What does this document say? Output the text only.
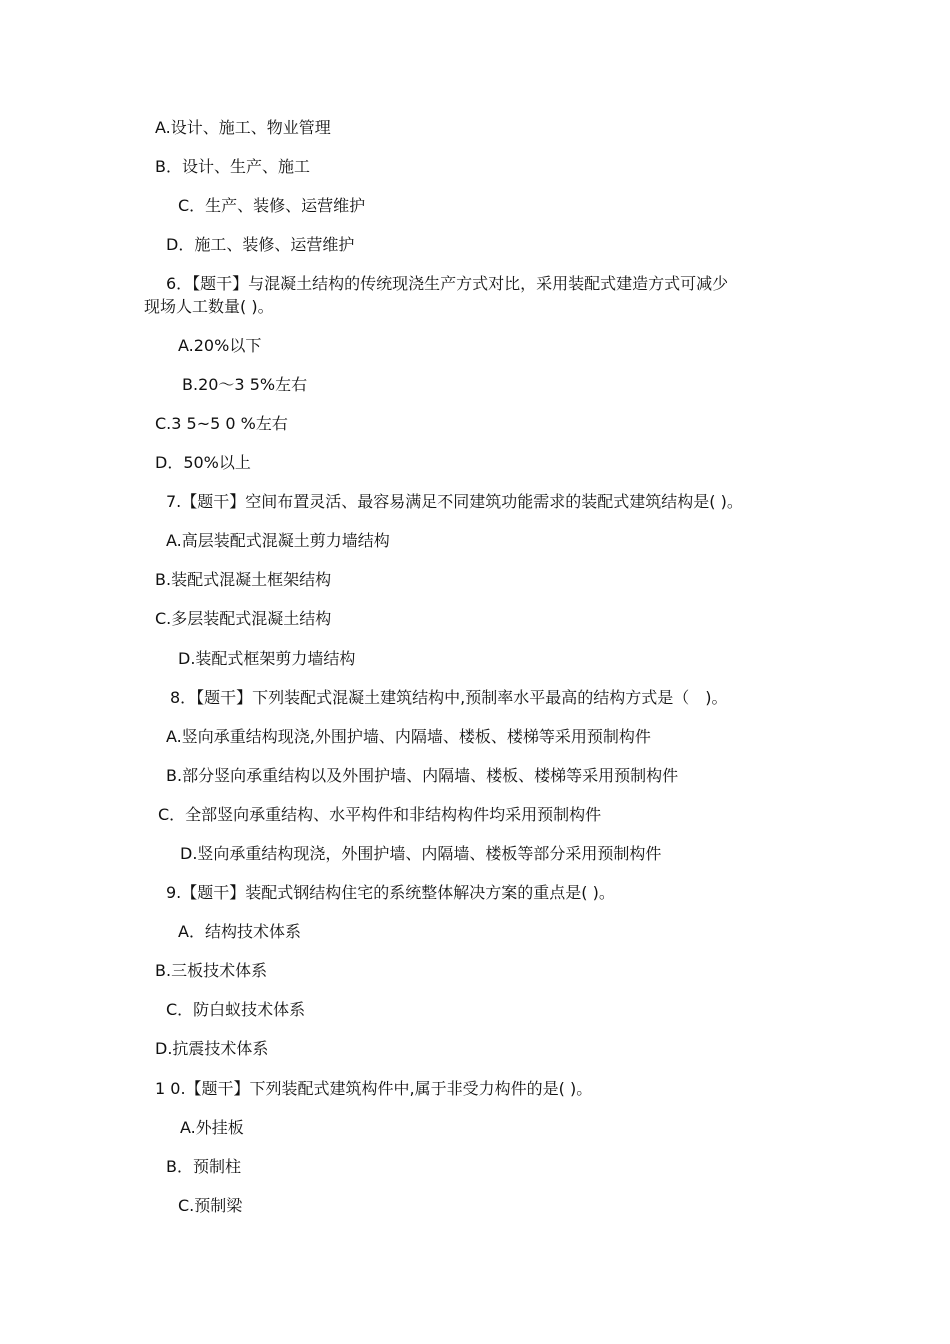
A.设计、施工、物业管理
B．设计、生产、施工
C．生产、装修、运营维护
D．施工、装修、运营维护
6．【题干】与混凝土结构的传统现浇生产方式对比，采用装配式建造方式可减少
现场人工数量( )。
A.20%以下
B.20～3 5%左右
C.3 5~5 0 %左右
D．50%以上
7.【题干】空间布置灵活、最容易满足不同建筑功能需求的装配式建筑结构是( )。
A.高层装配式混凝土剪力墙结构
B.装配式混凝土框架结构
C.多层装配式混凝土结构
D.装配式框架剪力墙结构
8．【题干】下列装配式混凝土建筑结构中,预制率水平最高的结构方式是（　)。
A.竖向承重结构现浇,外围护墙、内隔墙、楼板、楼梯等采用预制构件
B.部分竖向承重结构以及外围护墙、内隔墙、楼板、楼梯等采用预制构件
C．全部竖向承重结构、水平构件和非结构构件均采用预制构件
D.竖向承重结构现浇，外围护墙、内隔墙、楼板等部分采用预制构件
9.【题干】装配式钢结构住宅的系统整体解决方案的重点是( )。
A．结构技术体系
B.三板技术体系
C．防白蚁技术体系
D.抗震技术体系
1 0.【题干】下列装配式建筑构件中,属于非受力构件的是( )。
A.外挂板
B．预制柱
C.预制梁
